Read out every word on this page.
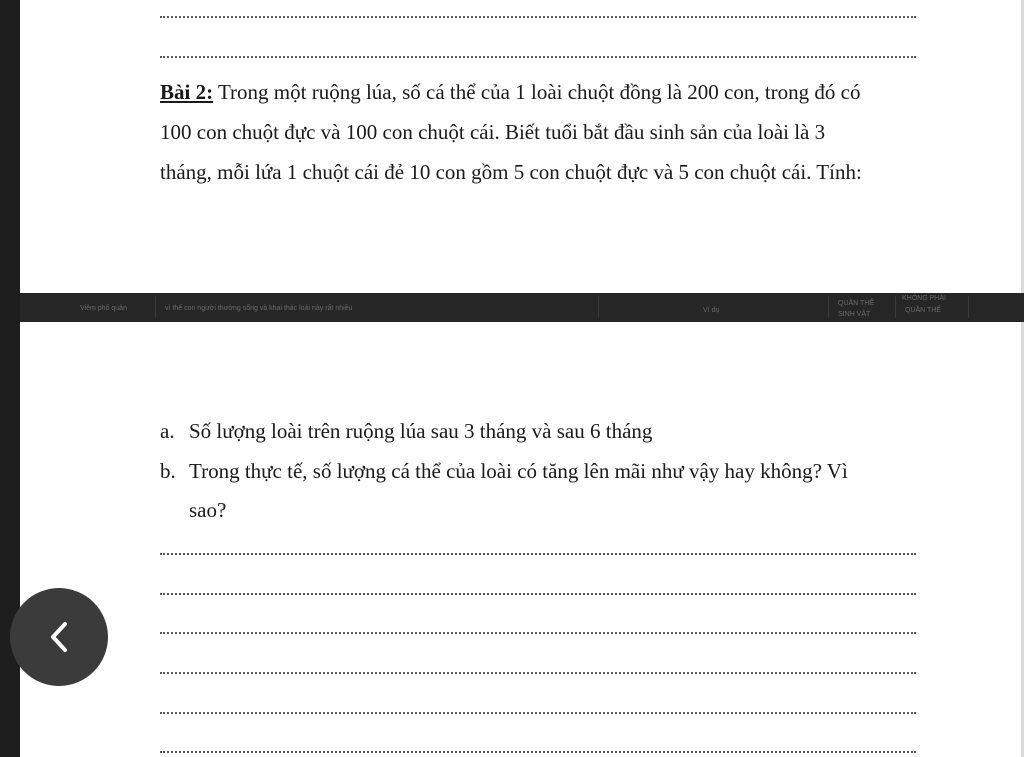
Bài 2: Trong một ruộng lúa, số cá thể của 1 loài chuột đồng là 200 con, trong đó có
100 con chuột đực và 100 con chuột cái. Biết tuổi bắt đầu sinh sản của loài là 3
tháng, mỗi lứa 1 chuột cái đẻ 10 con gồm 5 con chuột đực và 5 con chuột cái. Tính:
Viêm phổ quản	vì thế con người thường sống và khai thác loài này rất nhiều	Ví dụ
QUẦN THỂ
SINH VẬT
KHÔNG PHẢI
QUẦN THỂ
a. Số lượng loài trên ruộng lúa sau 3 tháng và sau 6 tháng
b. Trong thực tế, số lượng cá thể của loài có tăng lên mãi như vậy hay không? Vì
sao?
